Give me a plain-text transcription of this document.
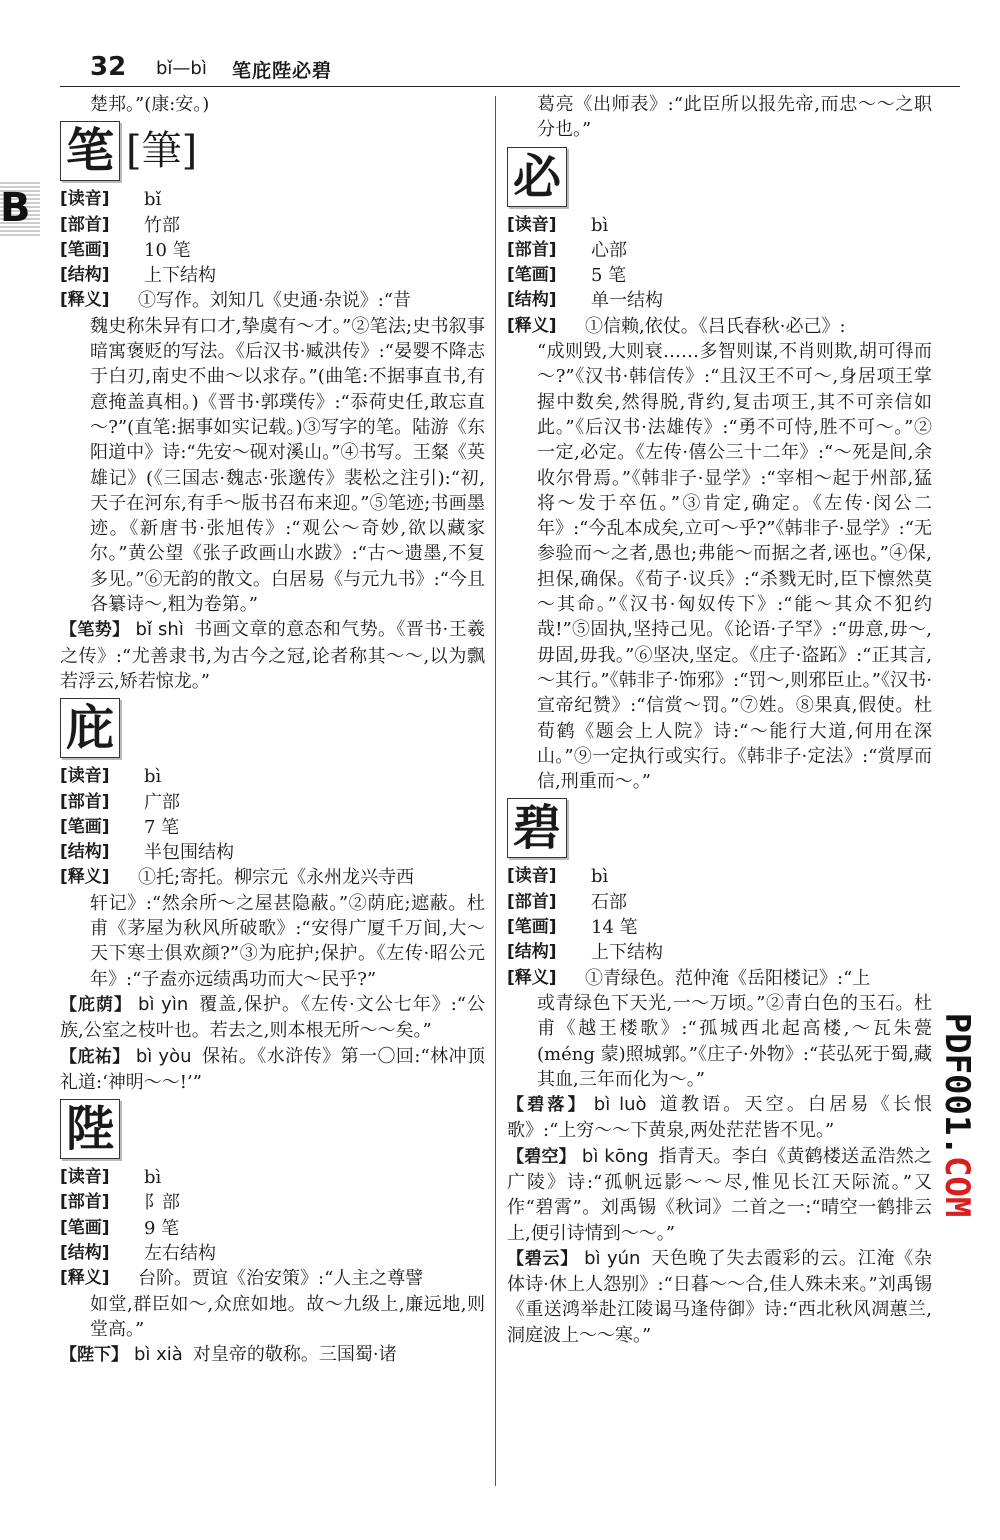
32 bǐ—bì 笔庇陛必碧
B

楚邦。”(康:安。)

笔 [筆]

[读音]	bǐ

[部首]	竹部

[笔画]	10 笔

[结构]	上下结构

[释义]	①写作。刘知几《史通·杂说》:“昔

魏史称朱异有口才,挚虞有～才。”②笔法;史书叙事暗寓褒贬的写法。《后汉书·臧洪传》:“晏婴不降志于白刃,南史不曲～以求存。”(曲笔:不据事直书,有意掩盖真相。)《晋书·郭璞传》:“忝荷史任,敢忘直～?”(直笔:据事如实记载。)③写字的笔。陆游《东阳道中》诗:“先安～砚对溪山。”④书写。王粲《英雄记》(《三国志·魏志·张邈传》裴松之注引):“初,天子在河东,有手～版书召布来迎。”⑤笔迹;书画墨迹。《新唐书·张旭传》:“观公～奇妙,欲以藏家尔。”黄公望《张子政画山水跋》:“古～遗墨,不复多见。”⑥无韵的散文。白居易《与元九书》:“今且各纂诗～,粗为卷第。”

【笔势】 bǐ shì 书画文章的意态和气势。《晋书·王羲之传》:“尤善隶书,为古今之冠,论者称其～～,以为飘若浮云,矫若惊龙。”

庇

[读音]	bì

[部首]	广部

[笔画]	7 笔

[结构]	半包围结构

[释义]	①托;寄托。柳宗元《永州龙兴寺西

轩记》:“然余所～之屋甚隐蔽。”②荫庇;遮蔽。杜甫《茅屋为秋风所破歌》:“安得广厦千万间,大～天下寒士俱欢颜?”③为庇护;保护。《左传·昭公元年》:“子盍亦远绩禹功而大～民乎?”

【庇荫】 bì yìn 覆盖,保护。《左传·文公七年》:“公族,公室之枝叶也。若去之,则本根无所～～矣。”

【庇祐】 bì yòu 保祐。《水浒传》第一〇回:“林冲顶礼道:‘神明～～!’”

陛

[读音]	bì

[部首]	阝部

[笔画]	9 笔

[结构]	左右结构

[释义]	台阶。贾谊《治安策》:“人主之尊譬

如堂,群臣如～,众庶如地。故～九级上,廉远地,则堂高。”

【陛下】 bì xià 对皇帝的敬称。三国蜀·诸

葛亮《出师表》:“此臣所以报先帝,而忠～～之职分也。”

必

[读音]	bì

[部首]	心部

[笔画]	5 笔

[结构]	单一结构

[释义]	①信赖,依仗。《吕氏春秋·必己》:

“成则毁,大则衰……多智则谋,不肖则欺,胡可得而～?”《汉书·韩信传》:“且汉王不可～,身居项王掌握中数矣,然得脱,背约,复击项王,其不可亲信如此。”《后汉书·法雄传》:“勇不可恃,胜不可～。”②一定,必定。《左传·僖公三十二年》:“～死是间,余收尔骨焉。”《韩非子·显学》:“宰相～起于州部,猛将～发于卒伍。”③肯定,确定。《左传·闵公二年》:“今乱本成矣,立可～乎?”《韩非子·显学》:“无参验而～之者,愚也;弗能～而据之者,诬也。”④保,担保,确保。《荀子·议兵》:“杀戮无时,臣下懔然莫～其命。”《汉书·匈奴传下》:“能～其众不犯约哉!”⑤固执,坚持己见。《论语·子罕》:“毋意,毋～,毋固,毋我。”⑥坚决,坚定。《庄子·盗跖》:“正其言,～其行。”《韩非子·饰邪》:“罚～,则邪臣止。”《汉书·宣帝纪赞》:“信赏～罚。”⑦姓。⑧果真,假使。杜荀鹤《题会上人院》诗:“～能行大道,何用在深山。”⑨一定执行或实行。《韩非子·定法》:“赏厚而信,刑重而～。”

碧

[读音]	bì

[部首]	石部

[笔画]	14 笔

[结构]	上下结构

[释义]	①青绿色。范仲淹《岳阳楼记》:“上

或青绿色下天光,一～万顷。”②青白色的玉石。杜甫《越王楼歌》:“孤城西北起高楼,～瓦朱甍(méng 蒙)照城郭。”《庄子·外物》:“苌弘死于蜀,藏其血,三年而化为～。”

【碧落】 bì luò 道教语。天空。白居易《长恨歌》:“上穷～～下黄泉,两处茫茫皆不见。”

【碧空】 bì kōng 指青天。李白《黄鹤楼送孟浩然之广陵》诗:“孤帆远影～～尽,惟见长江天际流。”又作“碧霄”。刘禹锡《秋词》二首之一:“晴空一鹤排云上,便引诗情到～～。”

【碧云】 bì yún 天色晚了失去霞彩的云。江淹《杂体诗·休上人怨别》:“日暮～～合,佳人殊未来。”刘禹锡《重送鸿举赴江陵谒马逢侍御》诗:“西北秋风凋蕙兰,洞庭波上～～寒。”

PDF001.COM
